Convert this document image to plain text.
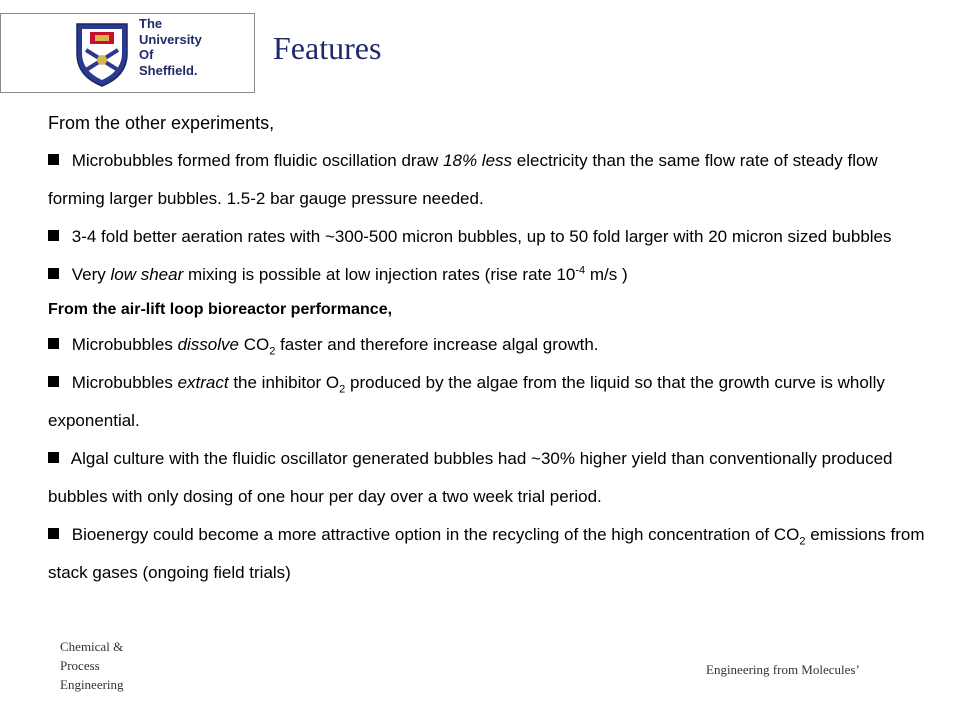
The
University
Of
Sheffield.
Features

From the other experiments,

Microbubbles formed from fluidic oscillation draw 18% less electricity than the same flow rate of steady flow forming larger bubbles. 1.5-2 bar gauge pressure needed.

3-4 fold better aeration rates with ~300-500 micron bubbles, up to 50 fold larger with 20 micron sized bubbles

Very low shear mixing is possible at low injection rates (rise rate $10^{-4}$ m/s )

From the air-lift loop bioreactor performance,

Microbubbles dissolve $CO_2$ faster and therefore increase algal growth.

Microbubbles extract the inhibitor $O_2$ produced by the algae from the liquid so that the growth curve is wholly exponential.

Algal culture with the fluidic oscillator generated bubbles had ~30% higher yield than conventionally produced bubbles with only dosing of one hour per day over a two week trial period.

Bioenergy could become a more attractive option in the recycling of the high concentration of $CO_2$ emissions from stack gases (ongoing field trials)

Chemical &
Process
Engineering
Engineering from Molecules’
